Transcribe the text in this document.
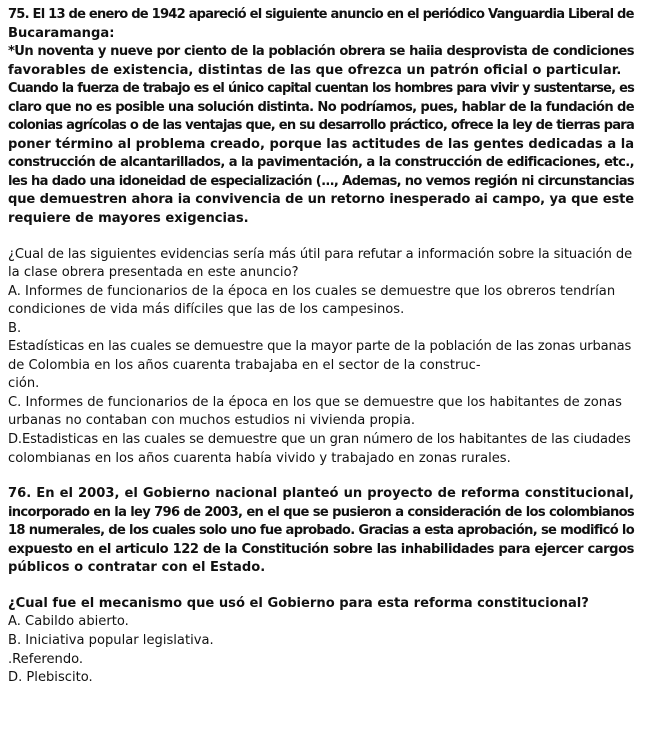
75. El 13 de enero de 1942 apareció el siguiente anuncio en el periódico Vanguardia Liberal de
Bucaramanga:
*Un noventa y nueve por ciento de la población obrera se haiia desprovista de condiciones
favorables de existencia, distintas de las que ofrezca un patrón oficial o particular.
Cuando la fuerza de trabajo es el único capital cuentan los hombres para vivir y sustentarse, es
claro que no es posible una solución distinta. No podríamos, pues, hablar de la fundación de
colonias agrícolas o de las ventajas que, en su desarrollo práctico, ofrece la ley de tierras para
poner término al problema creado, porque las actitudes de las gentes dedicadas a la
construcción de alcantarillados, a la pavimentación, a la construcción de edificaciones, etc.,
les ha dado una idoneidad de especialización (..., Ademas, no vemos región ni circunstancias
que demuestren ahora ia convivencia de un retorno inesperado ai campo, ya que este
requiere de mayores exigencias.
¿Cual de las siguientes evidencias sería más útil para refutar a información sobre la situación de
la clase obrera presentada en este anuncio?
A. Informes de funcionarios de la época en los cuales se demuestre que los obreros tendrían
condiciones de vida más difíciles que las de los campesinos.
B.
Estadísticas en las cuales se demuestre que la mayor parte de la población de las zonas urbanas
de Colombia en los años cuarenta trabajaba en el sector de la construc-
ción.
C. Informes de funcionarios de la época en los que se demuestre que los habitantes de zonas
urbanas no contaban con muchos estudios ni vivienda propia.
D.Estadisticas en las cuales se demuestre que un gran número de los habitantes de las ciudades
colombianas en los años cuarenta había vivido y trabajado en zonas rurales.
76. En el 2003, el Gobierno nacional planteó un proyecto de reforma constitucional,
incorporado en la ley 796 de 2003, en el que se pusieron a consideración de los colombianos
18 numerales, de los cuales solo uno fue aprobado. Gracias a esta aprobación, se modificó lo
expuesto en el articulo 122 de la Constitución sobre las inhabilidades para ejercer cargos
públicos o contratar con el Estado.
¿Cual fue el mecanismo que usó el Gobierno para esta reforma constitucional?
A. Cabildo abierto.
B. Iniciativa popular legislativa.
.Referendo.
D. Plebiscito.
